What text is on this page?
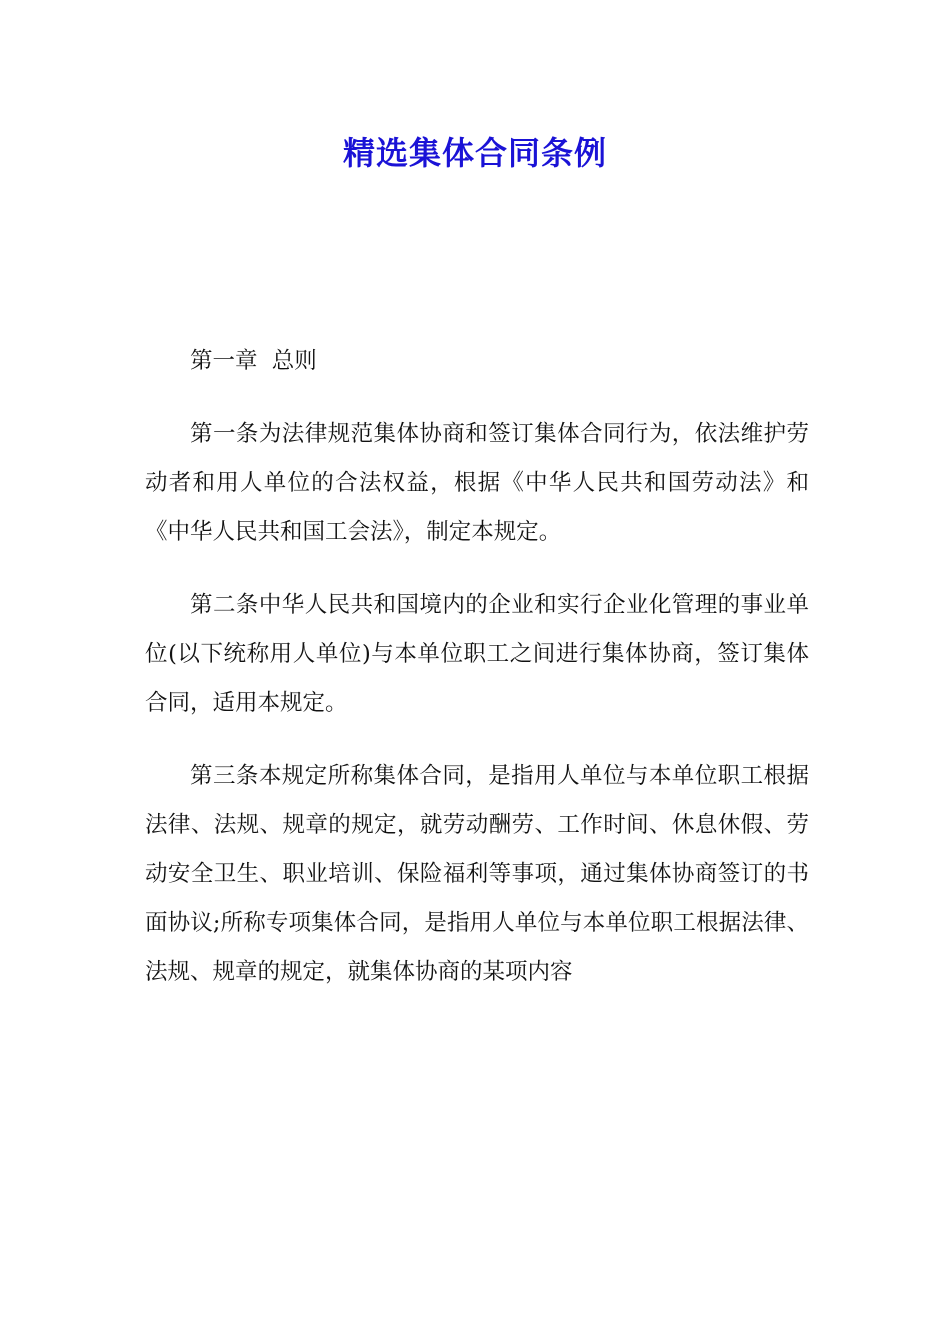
精选集体合同条例

第一章  总则

第一条为法律规范集体协商和签订集体合同行为，依法维护劳动者和用人单位的合法权益，根据《中华人民共和国劳动法》和《中华人民共和国工会法》，制定本规定。

第二条中华人民共和国境内的企业和实行企业化管理的事业单位(以下统称用人单位)与本单位职工之间进行集体协商，签订集体合同，适用本规定。

第三条本规定所称集体合同，是指用人单位与本单位职工根据法律、法规、规章的规定，就劳动酬劳、工作时间、休息休假、劳动安全卫生、职业培训、保险福利等事项，通过集体协商签订的书面协议;所称专项集体合同，是指用人单位与本单位职工根据法律、法规、规章的规定，就集体协商的某项内容
